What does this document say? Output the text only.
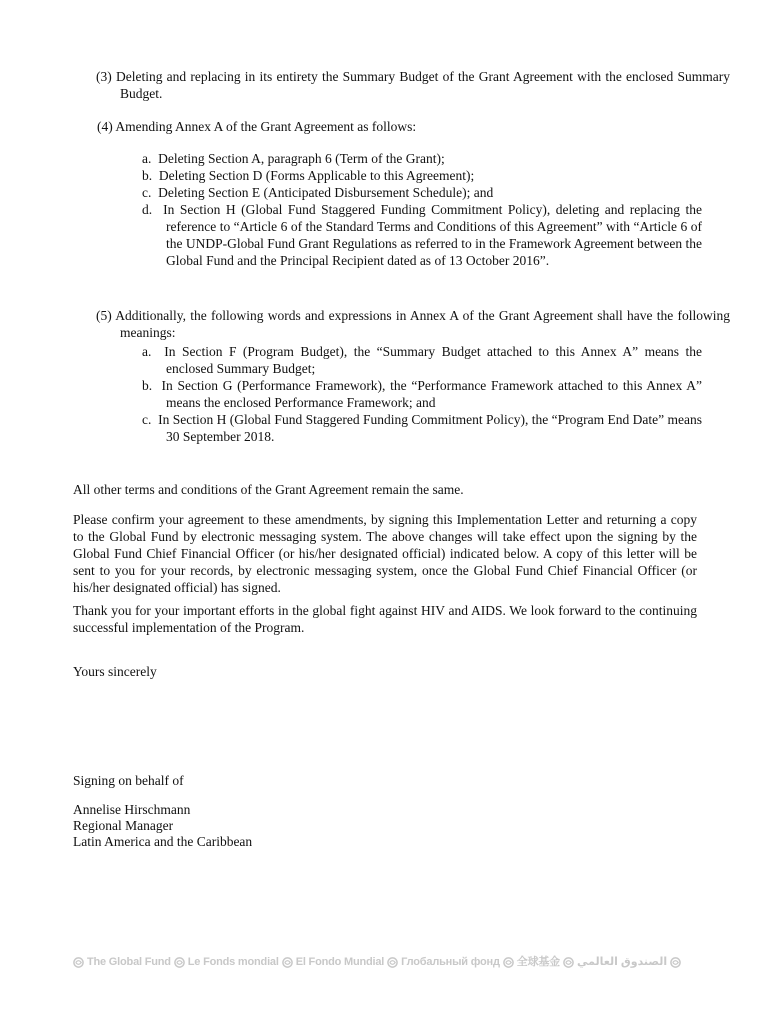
(3) Deleting and replacing in its entirety the Summary Budget of the Grant Agreement with the enclosed Summary Budget.
(4) Amending Annex A of the Grant Agreement as follows:
a. Deleting Section A, paragraph 6 (Term of the Grant);
b. Deleting Section D (Forms Applicable to this Agreement);
c. Deleting Section E (Anticipated Disbursement Schedule); and
d. In Section H (Global Fund Staggered Funding Commitment Policy), deleting and replacing the reference to “Article 6 of the Standard Terms and Conditions of this Agreement” with “Article 6 of the UNDP-Global Fund Grant Regulations as referred to in the Framework Agreement between the Global Fund and the Principal Recipient dated as of 13 October 2016”.
(5) Additionally, the following words and expressions in Annex A of the Grant Agreement shall have the following meanings:
a. In Section F (Program Budget), the “Summary Budget attached to this Annex A” means the enclosed Summary Budget;
b. In Section G (Performance Framework), the “Performance Framework attached to this Annex A” means the enclosed Performance Framework; and
c. In Section H (Global Fund Staggered Funding Commitment Policy), the “Program End Date” means 30 September 2018.

All other terms and conditions of the Grant Agreement remain the same.

Please confirm your agreement to these amendments, by signing this Implementation Letter and returning a copy to the Global Fund by electronic messaging system. The above changes will take effect upon the signing by the Global Fund Chief Financial Officer (or his/her designated official) indicated below. A copy of this letter will be sent to you for your records, by electronic messaging system, once the Global Fund Chief Financial Officer (or his/her designated official) has signed.

Thank you for your important efforts in the global fight against HIV and AIDS. We look forward to the continuing successful implementation of the Program.

Yours sincerely

Signing on behalf of

Annelise Hirschmann
Regional Manager
Latin America and the Caribbean
The Global Fund Le Fonds mondial El Fondo Mundial Глобальный фонд 全球基金 الصندوق العالمي
